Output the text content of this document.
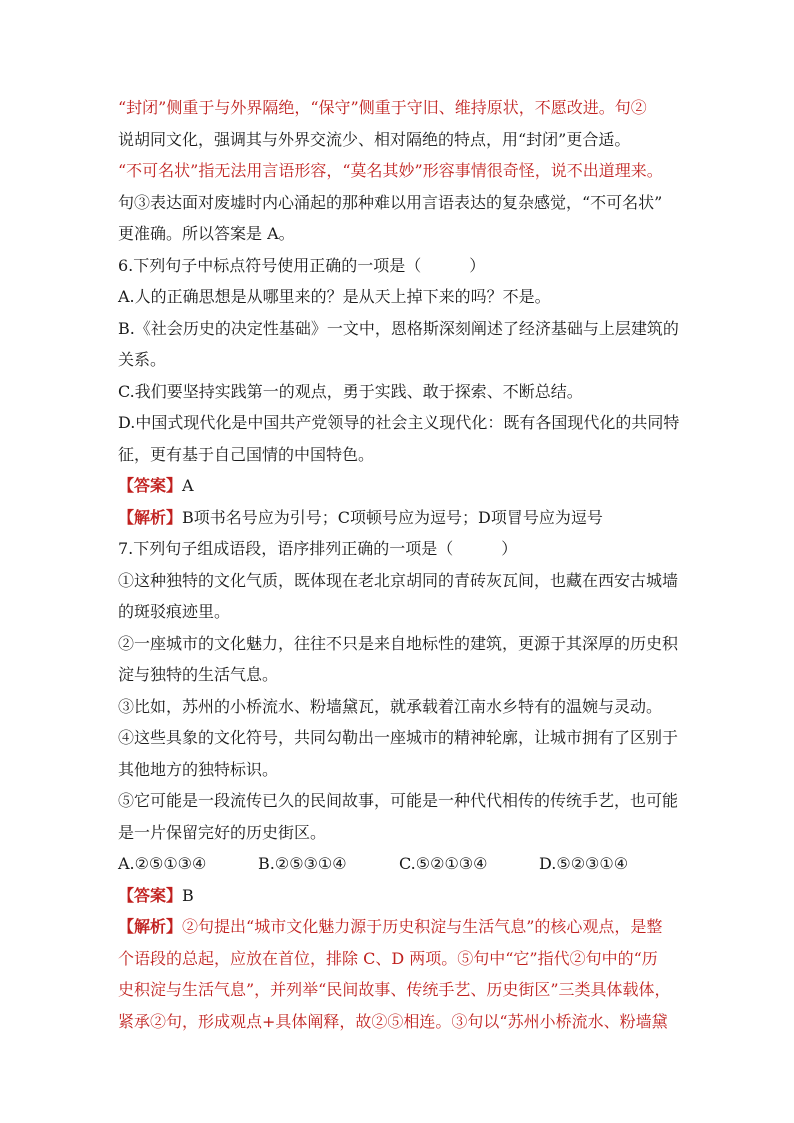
“封闭”侧重于与外界隔绝，“保守”侧重于守旧、维持原状，不愿改进。句②
说胡同文化，强调其与外界交流少、相对隔绝的特点，用“封闭”更合适。
“不可名状”指无法用言语形容，“莫名其妙”形容事情很奇怪，说不出道理来。
句③表达面对废墟时内心涌起的那种难以用言语表达的复杂感觉，“不可名状”
更准确。所以答案是 A。
6.下列句子中标点符号使用正确的一项是（　　　）
A.人的正确思想是从哪里来的？是从天上掉下来的吗？不是。
B.《社会历史的决定性基础》一文中，恩格斯深刻阐述了经济基础与上层建筑的
关系。
C.我们要坚持实践第一的观点，勇于实践、敢于探索、不断总结。
D.中国式现代化是中国共产党领导的社会主义现代化：既有各国现代化的共同特
征，更有基于自己国情的中国特色。
【答案】A
【解析】B项书名号应为引号；C项顿号应为逗号；D项冒号应为逗号
7.下列句子组成语段，语序排列正确的一项是（　　　）
①这种独特的文化气质，既体现在老北京胡同的青砖灰瓦间，也藏在西安古城墙
的斑驳痕迹里。
②一座城市的文化魅力，往往不只是来自地标性的建筑，更源于其深厚的历史积
淀与独特的生活气息。
③比如，苏州的小桥流水、粉墙黛瓦，就承载着江南水乡特有的温婉与灵动。
④这些具象的文化符号，共同勾勒出一座城市的精神轮廓，让城市拥有了区别于
其他地方的独特标识。
⑤它可能是一段流传已久的民间故事，可能是一种代代相传的传统手艺，也可能
是一片保留完好的历史街区。
A.②⑤①③④	B.②⑤③①④	C.⑤②①③④	D.⑤②③①④
【答案】B
【解析】②句提出“城市文化魅力源于历史积淀与生活气息”的核心观点，是整
个语段的总起，应放在首位，排除 C、D 两项。⑤句中“它”指代②句中的“历
史积淀与生活气息”，并列举“民间故事、传统手艺、历史街区”三类具体载体，
紧承②句，形成观点+具体阐释，故②⑤相连。③句以“苏州小桥流水、粉墙黛
